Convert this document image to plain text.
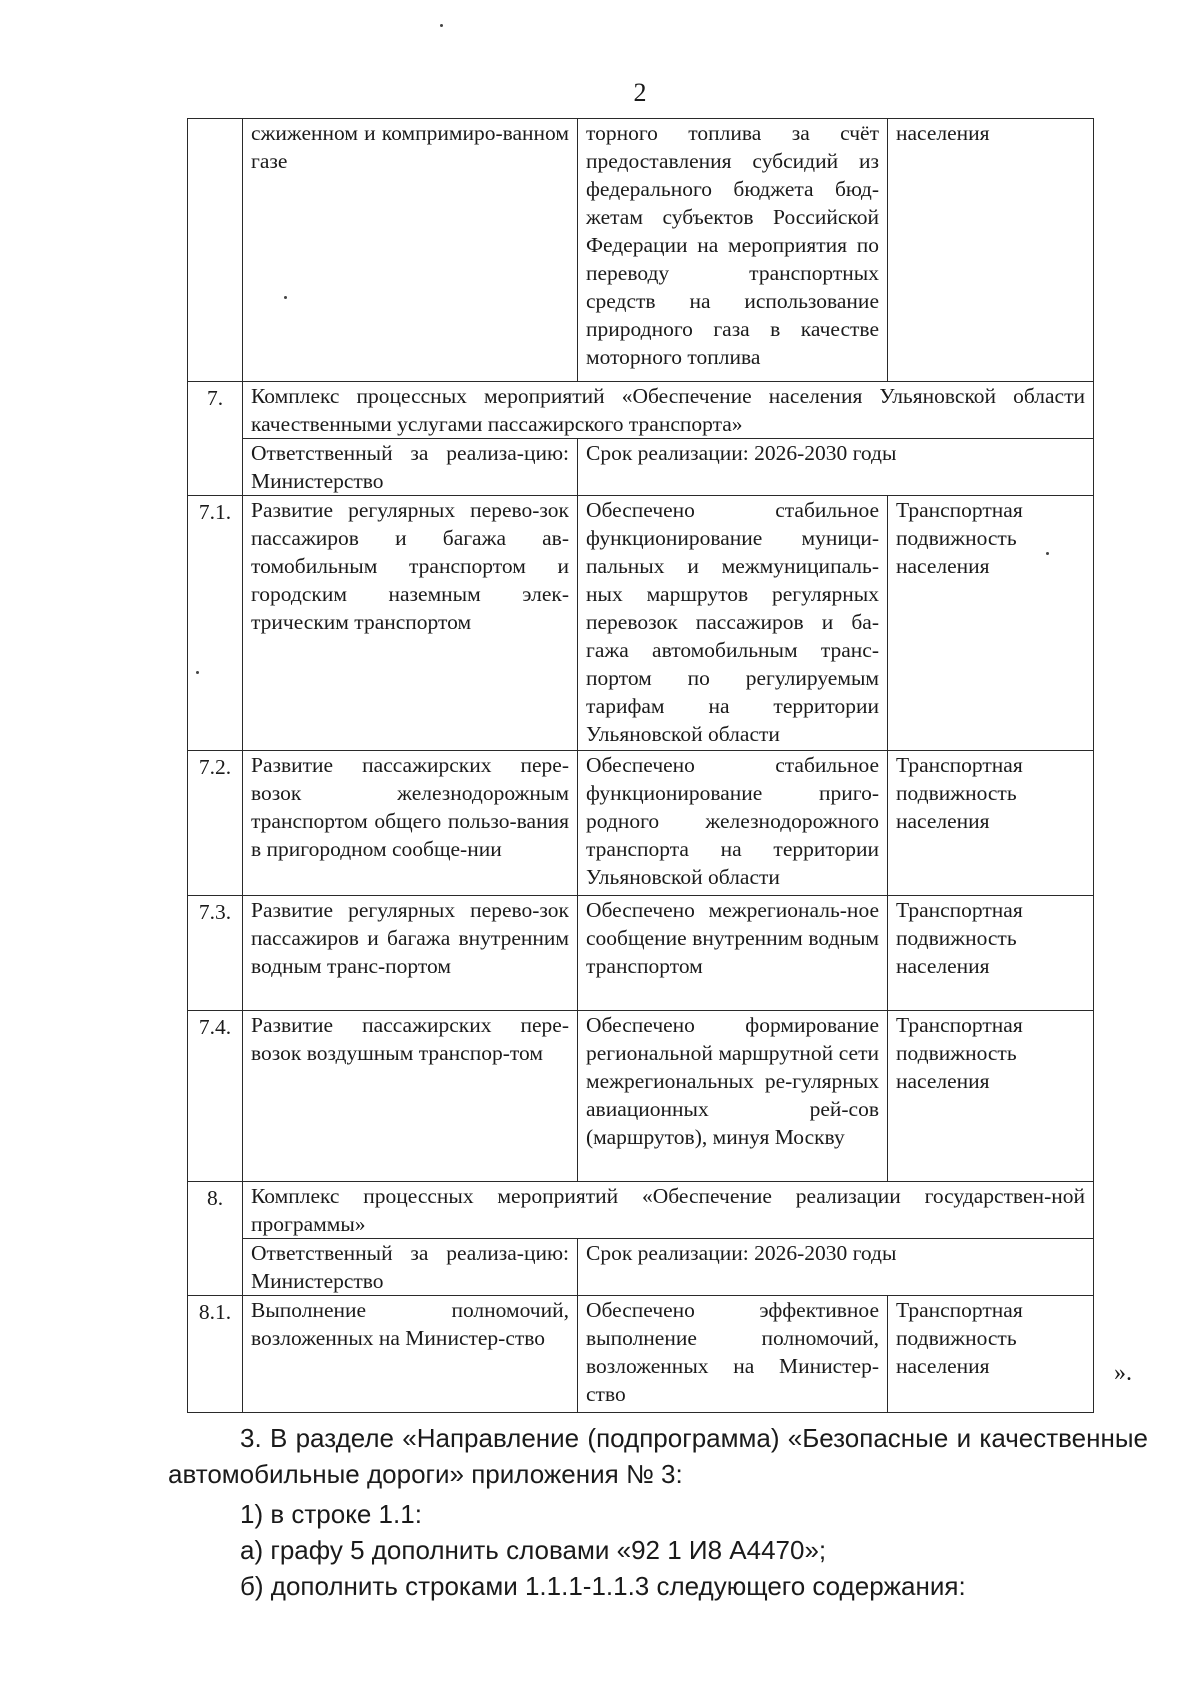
2
	сжиженном и компримиро-ванном газе	торного топлива за счёт предоставления субсидий из федерального бюджета бюд-жетам субъектов Российской Федерации на мероприятия по переводу транспортных средств на использование природного газа в качестве моторного топлива	населения
7.	Комплекс процессных мероприятий «Обеспечение населения Ульяновской области качественными услугами пассажирского транспорта»		
	Ответственный за реализа-цию: Министерство	Срок реализации: 2026-2030 годы	
7.1.	Развитие регулярных перево-зок пассажиров и багажа ав-томобильным транспортом и городским наземным элек-трическим транспортом	Обеспечено стабильное функционирование муници-пальных и межмуниципаль-ных маршрутов регулярных перевозок пассажиров и ба-гажа автомобильным транс-портом по регулируемым тарифам на территории Ульяновской области	Транспортная подвижность населения
7.2.	Развитие пассажирских пере-возок железнодорожным транспортом общего пользо-вания в пригородном сообще-нии	Обеспечено стабильное функционирование приго-родного железнодорожного транспорта на территории Ульяновской области	Транспортная подвижность населения
7.3.	Развитие регулярных перево-зок пассажиров и багажа внутренним водным транс-портом	Обеспечено межрегиональ-ное сообщение внутренним водным транспортом	Транспортная подвижность населения
7.4.	Развитие пассажирских пере-возок воздушным транспор-том	Обеспечено формирование региональной маршрутной сети межрегиональных ре-гулярных авиационных рей-сов (маршрутов), минуя Москву	Транспортная подвижность населения
8.	Комплекс процессных мероприятий «Обеспечение реализации государствен-ной программы»		
	Ответственный за реализа-цию: Министерство	Срок реализации: 2026-2030 годы	
8.1.	Выполнение полномочий, возложенных на Министер-ство	Обеспечено эффективное выполнение полномочий, возложенных на Министер-ство	Транспортная подвижность населения	».
3. В разделе «Направление (подпрограмма) «Безопасные и качественные автомобильные дороги» приложения № 3:
1) в строке 1.1:
а) графу 5 дополнить словами «92 1 И8 А4470»;
б) дополнить строками 1.1.1-1.1.3 следующего содержания:
